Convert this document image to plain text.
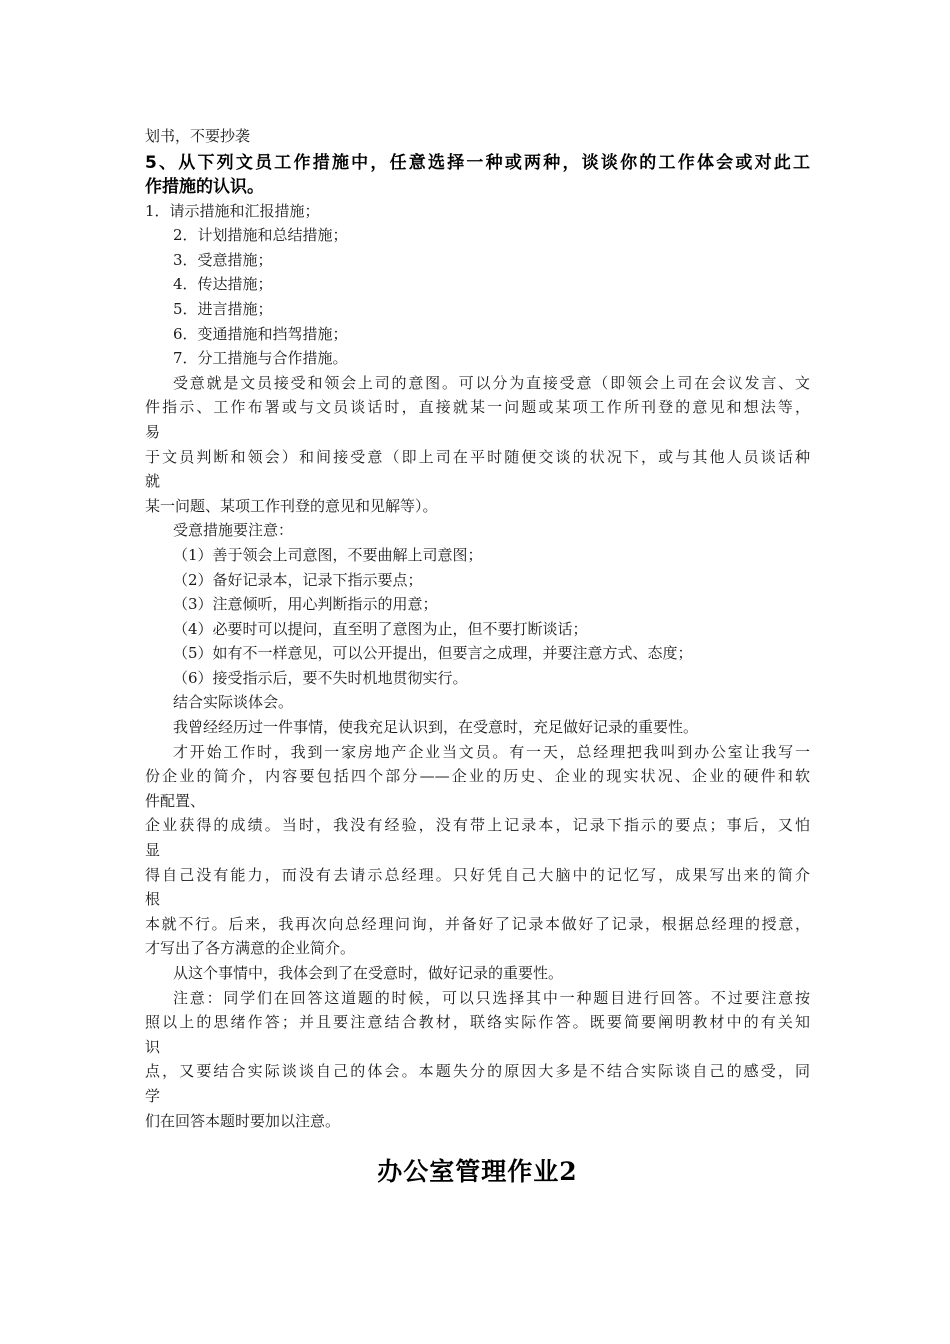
划书，不要抄袭
5、从下列文员工作措施中，任意选择一种或两种，谈谈你的工作体会或对此工
作措施的认识。
1．请示措施和汇报措施；
2．计划措施和总结措施；
3．受意措施；
4．传达措施；
5．进言措施；
6．变通措施和挡驾措施；
7．分工措施与合作措施。
受意就是文员接受和领会上司的意图。可以分为直接受意（即领会上司在会议发言、文
件指示、工作布署或与文员谈话时，直接就某一问题或某项工作所刊登的意见和想法等，
易
于文员判断和领会）和间接受意（即上司在平时随便交谈的状况下，或与其他人员谈话种
就
某一问题、某项工作刊登的意见和见解等）。
受意措施要注意：
（1）善于领会上司意图，不要曲解上司意图；
（2）备好记录本，记录下指示要点；
（3）注意倾听，用心判断指示的用意；
（4）必要时可以提问，直至明了意图为止，但不要打断谈话；
（5）如有不一样意见，可以公开提出，但要言之成理，并要注意方式、态度；
（6）接受指示后，要不失时机地贯彻实行。
结合实际谈体会。
我曾经经历过一件事情，使我充足认识到，在受意时，充足做好记录的重要性。
才开始工作时，我到一家房地产企业当文员。有一天，总经理把我叫到办公室让我写一
份企业的简介，内容要包括四个部分——企业的历史、企业的现实状况、企业的硬件和软
件配置、
企业获得的成绩。当时，我没有经验，没有带上记录本，记录下指示的要点；事后，又怕
显
得自己没有能力，而没有去请示总经理。只好凭自己大脑中的记忆写，成果写出来的简介
根
本就不行。后来，我再次向总经理问询，并备好了记录本做好了记录，根据总经理的授意，
才写出了各方满意的企业简介。
从这个事情中，我体会到了在受意时，做好记录的重要性。
注意：同学们在回答这道题的时候，可以只选择其中一种题目进行回答。不过要注意按
照以上的思绪作答；并且要注意结合教材，联络实际作答。既要简要阐明教材中的有关知
识
点，又要结合实际谈谈自己的体会。本题失分的原因大多是不结合实际谈自己的感受，同
学
们在回答本题时要加以注意。
办公室管理作业2
